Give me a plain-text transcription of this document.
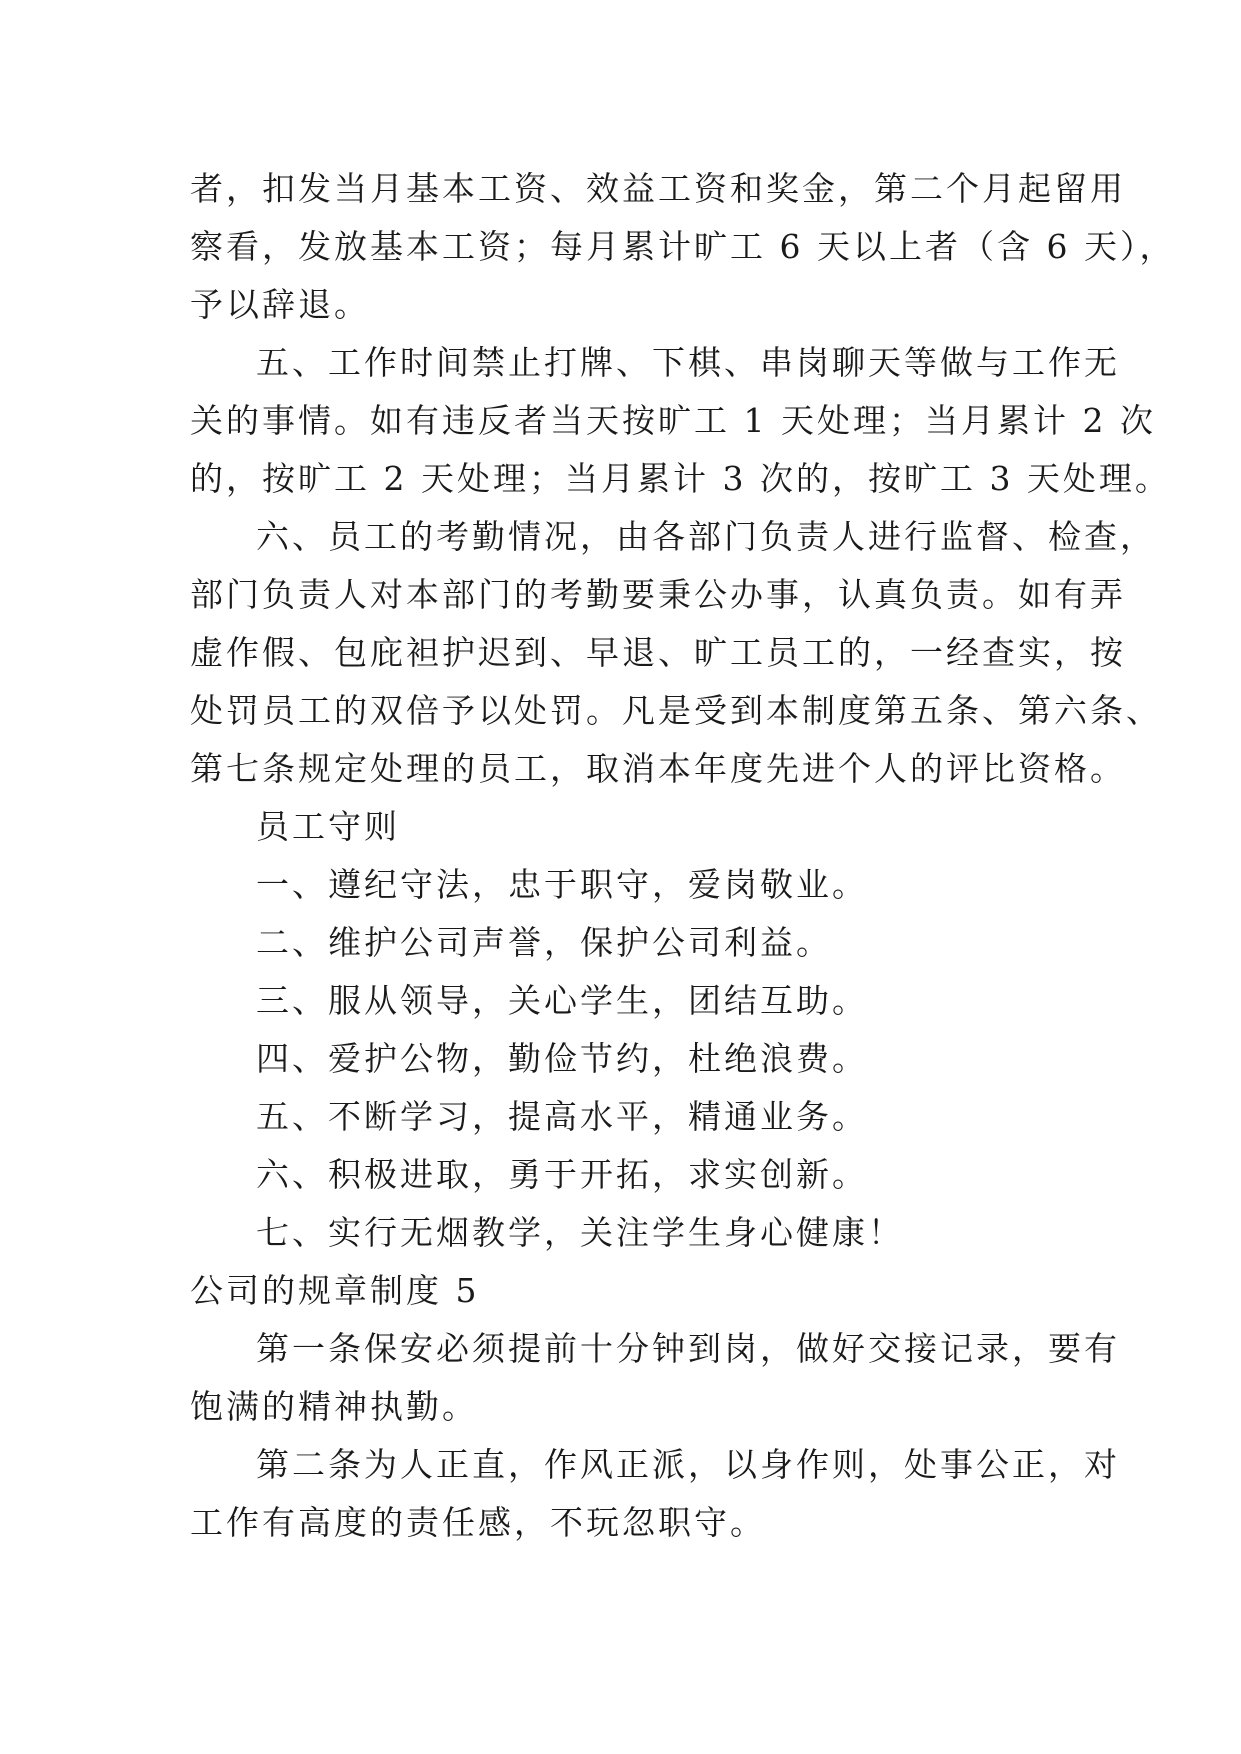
者，扣发当月基本工资、效益工资和奖金，第二个月起留用
察看，发放基本工资；每月累计旷工 6 天以上者（含 6 天），
予以辞退。
五、工作时间禁止打牌、下棋、串岗聊天等做与工作无
关的事情。如有违反者当天按旷工 1 天处理；当月累计 2 次
的，按旷工 2 天处理；当月累计 3 次的，按旷工 3 天处理。
六、员工的考勤情况，由各部门负责人进行监督、检查，
部门负责人对本部门的考勤要秉公办事，认真负责。如有弄
虚作假、包庇袒护迟到、早退、旷工员工的，一经查实，按
处罚员工的双倍予以处罚。凡是受到本制度第五条、第六条、
第七条规定处理的员工，取消本年度先进个人的评比资格。
员工守则
一、遵纪守法，忠于职守，爱岗敬业。
二、维护公司声誉，保护公司利益。
三、服从领导，关心学生，团结互助。
四、爱护公物，勤俭节约，杜绝浪费。
五、不断学习，提高水平，精通业务。
六、积极进取，勇于开拓，求实创新。
七、实行无烟教学，关注学生身心健康！
公司的规章制度 5
第一条保安必须提前十分钟到岗，做好交接记录，要有
饱满的精神执勤。
第二条为人正直，作风正派，以身作则，处事公正，对
工作有高度的责任感，不玩忽职守。
